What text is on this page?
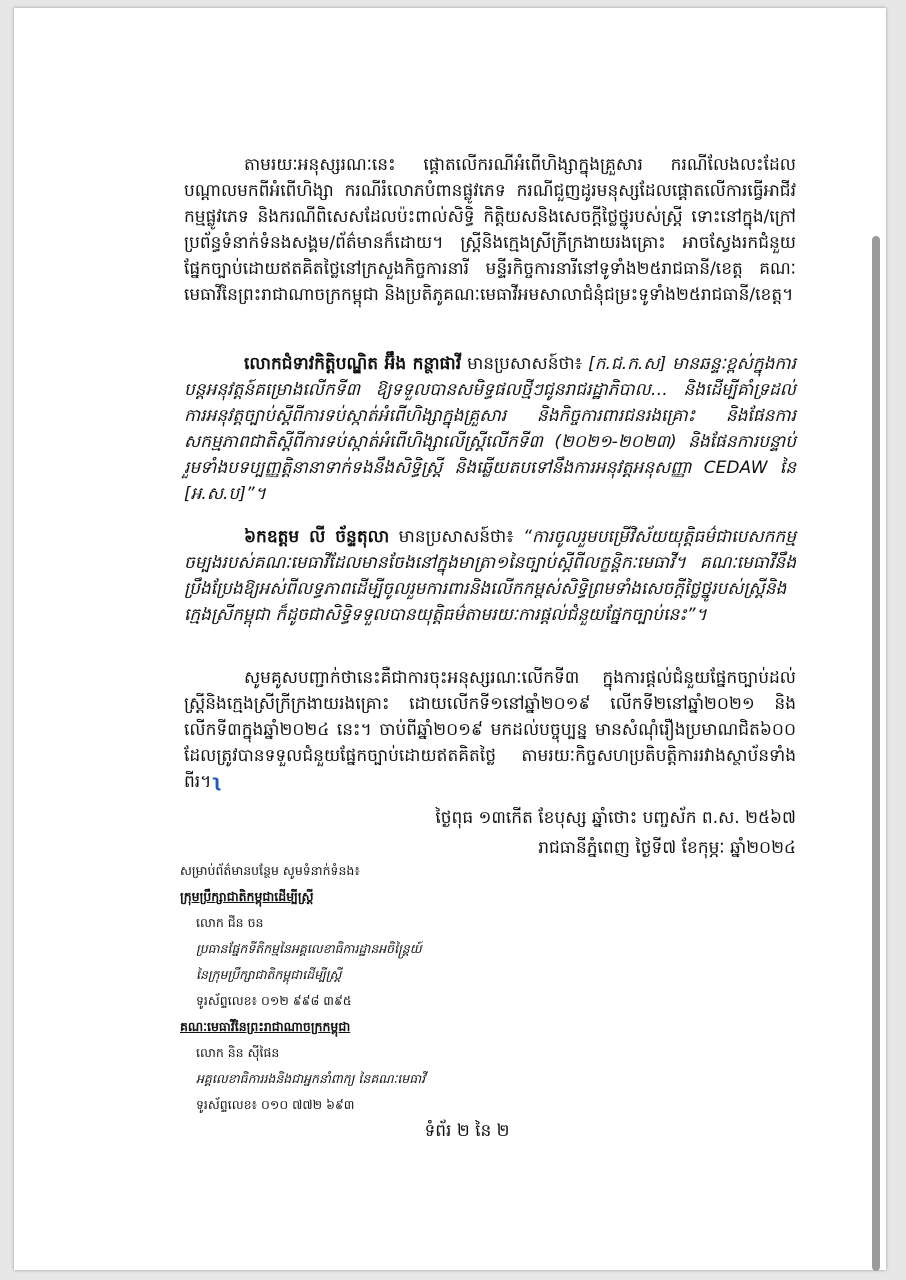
តាមរយៈអនុស្សរណៈនេះ ផ្តោតលើករណីអំពើហិង្សាក្នុងគ្រួសារ ករណីលែងលះដែលបណ្តាលមកពីអំពើហិង្សា ករណីរំលោភបំពានផ្លូវភេទ ករណីជួញដូរមនុស្សដែលផ្តោតលើការធ្វើអាជីវកម្មផ្លូវភេទ និងករណីពិសេសដែលប៉ះពាល់សិទ្ធិ កិត្តិយសនិងសេចក្តីថ្លៃថ្នូរបស់ស្ត្រី ទោះនៅក្នុង/ក្រៅប្រព័ន្ធទំនាក់ទំនងសង្គម/ព័ត៌មានក៏ដោយ។ ស្ត្រីនិងក្មេងស្រីក្រីក្រងាយរងគ្រោះ អាចស្វែងរកជំនួយផ្នែកច្បាប់ដោយឥតគិតថ្លៃនៅក្រសួងកិច្ចការនារី មន្ទីរកិច្ចការនារីនៅទូទាំង២៥រាជធានី/ខេត្ត គណៈមេធាវីនៃព្រះរាជាណាចក្រកម្ពុជា និងប្រតិភូគណៈមេធាវីអមសាលាជំនុំជម្រះទូទាំង២៥រាជធានី/ខេត្ត។
លោកជំទាវកិត្តិបណ្ឌិត អ៊ឹង កន្ថាផាវី មានប្រសាសន៍ថា៖ [ក.ជ.ក.ស] មានឆន្ទៈខ្ពស់ក្នុងការបន្តអនុវត្តន៍គម្រោងលើកទី៣ ឱ្យទទួលបានសមិទ្ធផលថ្មីៗជូនរាជរដ្ឋាភិបាល… និងដើម្បីគាំទ្រដល់ការអនុវត្តច្បាប់ស្តីពីការទប់ស្កាត់អំពើហិង្សាក្នុងគ្រួសារ និងកិច្ចការពារជនរងគ្រោះ និងផែនការសកម្មភាពជាតិស្តីពីការទប់ស្កាត់អំពើហិង្សាលើស្ត្រីលើកទី៣ (២០២១-២០២៣) និងផែនការបន្ទាប់រួមទាំងបទប្បញ្ញត្តិនានាទាក់ទងនឹងសិទ្ធិស្ត្រី និងឆ្លើយតបទៅនឹងការអនុវត្តអនុសញ្ញា CEDAW នៃ [អ.ស.ប]”។
៦កឧត្តម លី ច័ន្ទតុលា មានប្រសាសន៍ថា៖ “ការចូលរួមបម្រើវិស័យយុត្តិធម៌ជាបេសកកម្មចម្បងរបស់គណៈមេធាវីដែលមានចែងនៅក្នុងមាត្រា១នៃច្បាប់ស្តីពីលក្ខន្តិកៈមេធាវី។ គណៈមេធាវីនឹងប្រឹងប្រែងឱ្យអស់ពីលទ្ធភាពដើម្បីចូលរួមការពារនិងលើកកម្ពស់សិទ្ធិព្រមទាំងសេចក្តីថ្លៃថ្នូរបស់ស្ត្រីនិងក្មេងស្រីកម្ពុជា ក៏ដូចជាសិទ្ធិទទួលបានយុត្តិធម៌តាមរយៈការផ្តល់ជំនួយផ្នែកច្បាប់នេះ”។
សូមគូសបញ្ជាក់ថានេះគឺជាការចុះអនុស្សរណៈលើកទី៣ ក្នុងការផ្តល់ជំនួយផ្នែកច្បាប់ដល់ស្ត្រីនិងក្មេងស្រីក្រីក្រងាយរងគ្រោះ ដោយលើកទី១នៅឆ្នាំ២០១៩ លើកទី២នៅឆ្នាំ២០២១ និងលើកទី៣ក្នុងឆ្នាំ២០២៤ នេះ។ ចាប់ពីឆ្នាំ២០១៩ មកដល់បច្ចុប្បន្ន មានសំណុំរឿងប្រមាណជិត៦០០ ដែលត្រូវបានទទួលជំនួយផ្នែកច្បាប់ដោយឥតគិតថ្លៃ តាមរយៈកិច្ចសហប្រតិបត្តិការរវាងស្ថាប័នទាំងពីរ។ʅ
ថ្ងៃពុធ ១៣កើត ខែបុស្ស ឆ្នាំថោះ បញ្ចស័ក ព.ស. ២៥៦៧
រាជធានីភ្នំពេញ ថ្ងៃទី៧ ខែកុម្ភៈ ឆ្នាំ២០២៤
សម្រាប់ព័ត៌មានបន្ថែម សូមទំនាក់ទំនង៖
ក្រុមប្រឹក្សាជាតិកម្ពុជាដើម្បីស្ត្រី
លោក ជីន ចន
ប្រធានផ្នែកទីតិកម្មនៃអគ្គលេខាធិការដ្ឋានអចិន្ត្រៃយ៍
នៃក្រុមប្រឹក្សាជាតិកម្ពុជាដើម្បីស្ត្រី
ទូរស័ព្ទលេខ៖ ០១២ ៩៩៨ ៣៩៥
គណៈមេធាវីនៃព្រះរាជាណាចក្រកម្ពុជា
លោក និន ស៊ីផៃន
អគ្គលេខាធិការរងនិងជាអ្នកនាំពាក្យ នៃគណៈមេធាវី
ទូរស័ព្ទលេខ៖ ០១០ ៧៧២ ៦៩៣
ទំព័រ ២ នៃ ២
